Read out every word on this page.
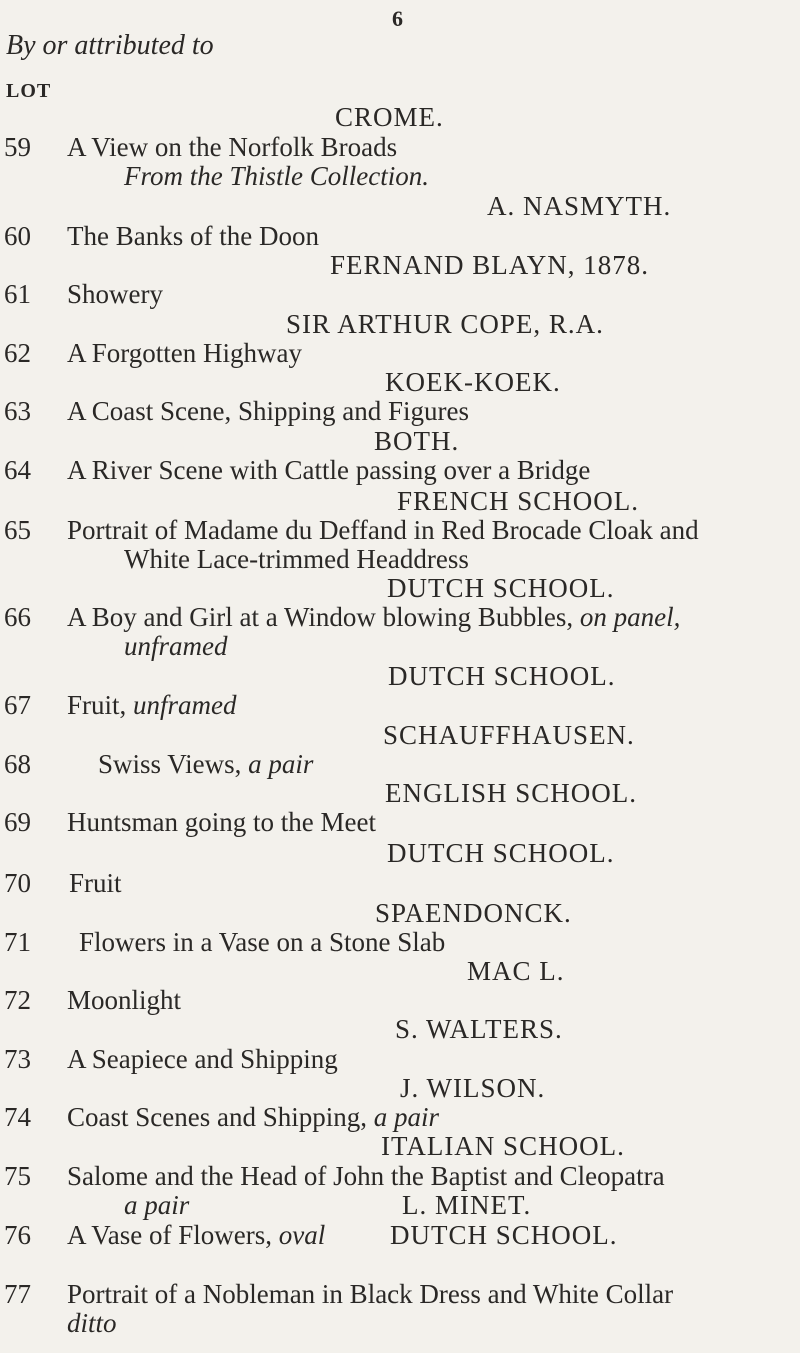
6
By or attributed to
LOT
CROME.
A. NASMYTH.
FERNAND BLAYN, 1878.
SIR ARTHUR COPE, R.A.
KOEK-KOEK.
BOTH.
FRENCH SCHOOL.
DUTCH SCHOOL.
DUTCH SCHOOL.
SCHAUFFHAUSEN.
ENGLISH SCHOOL.
DUTCH SCHOOL.
SPAENDONCK.
MAC L.
S. WALTERS.
J. WILSON.
ITALIAN SCHOOL.
L. MINET.
DUTCH SCHOOL.
59 A View on the Norfolk Broads
From the Thistle Collection.
60 The Banks of the Doon
61 Showery
62 A Forgotten Highway
63 A Coast Scene, Shipping and Figures
64 A River Scene with Cattle passing over a Bridge
65 Portrait of Madame du Deffand in Red Brocade Cloak and
White Lace-trimmed Headdress
66 A Boy and Girl at a Window blowing Bubbles, on panel,
unframed
67 Fruit, unframed
68 Swiss Views, a pair
69 Huntsman going to the Meet
70 Fruit
71 Flowers in a Vase on a Stone Slab
72 Moonlight
73 A Seapiece and Shipping
74 Coast Scenes and Shipping, a pair
75 Salome and the Head of John the Baptist and Cleopatra
a pair
76 A Vase of Flowers, oval
77 Portrait of a Nobleman in Black Dress and White Collar
ditto
